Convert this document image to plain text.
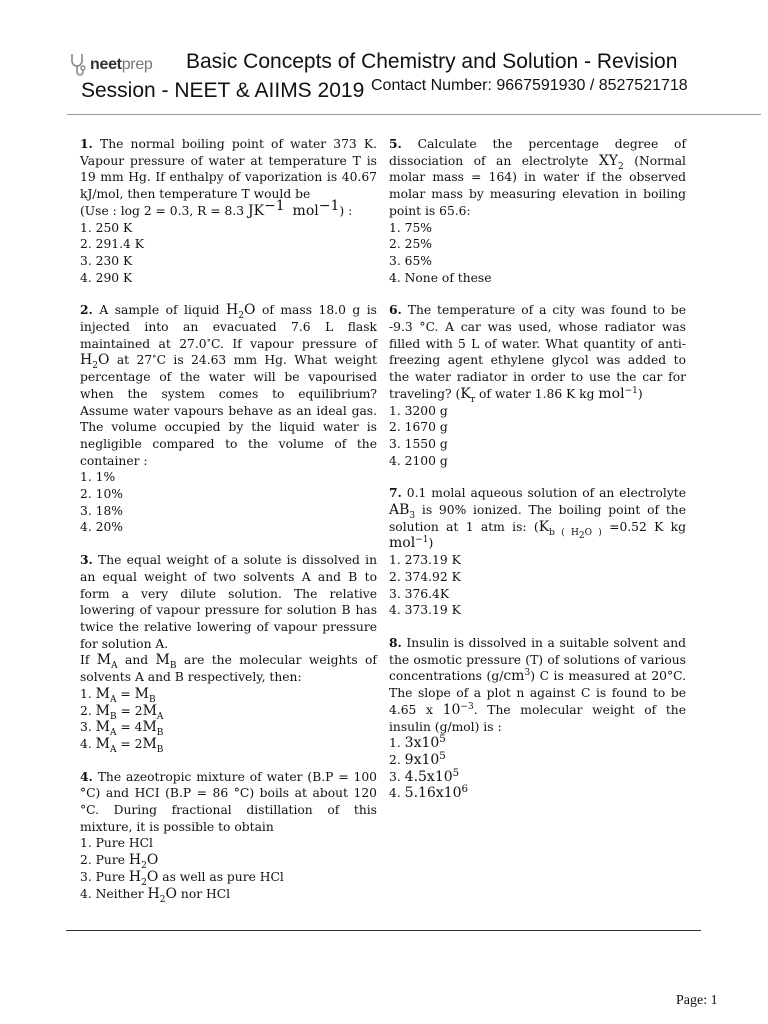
neetprep Basic Concepts of Chemistry and Solution - Revision
Session - NEET & AIIMS 2019 Contact Number: 9667591930 / 8527521718
1. The normal boiling point of water 373 K. Vapour pressure of water at temperature T is 19 mm Hg. If enthalpy of vaporization is 40.67 kJ/mol, then temperature T would be
(Use : log 2 = 0.3, R = 8.3 $JK^{-1}$ mol$^{-1}$) :
1. 250 K
2. 291.4 K
3. 230 K
4. 290 K
2. A sample of liquid $H_2O$ of mass 18.0 g is injected into an evacuated 7.6 L flask maintained at 27.0∘C. If vapour pressure of $H_2O$ at 27∘C is 24.63 mm Hg. What weight percentage of the water will be vapourised when the system comes to equilibrium? Assume water vapours behave as an ideal gas. The volume occupied by the liquid water is negligible compared to the volume of the container :
1. 1%
2. 10%
3. 18%
4. 20%
3. The equal weight of a solute is dissolved in an equal weight of two solvents A and B to form a very dilute solution. The relative lowering of vapour pressure for solution B has twice the relative lowering of vapour pressure for solution A.
If $M_A$ and $M_B$ are the molecular weights of solvents A and B respectively, then:
1. $M_A = M_B$
2. $M_B = 2M_A$
3. $M_A = 4M_B$
4. $M_A = 2M_B$
4. The azeotropic mixture of water (B.P = 100 °C) and HCI (B.P = 86 °C) boils at about 120 °C. During fractional distillation of this mixture, it is possible to obtain
1. Pure HCl
2. Pure $H_2O$
3. Pure $H_2O$ as well as pure HCl
4. Neither $H_2O$ nor HCl
5. Calculate the percentage degree of dissociation of an electrolyte $XY_2$ (Normal molar mass = 164) in water if the observed molar mass by measuring elevation in boiling point is 65.6:
1. 75%
2. 25%
3. 65%
4. None of these
6. The temperature of a city was found to be -9.3 °C. A car was used, whose radiator was filled with 5 L of water. What quantity of anti-freezing agent ethylene glycol was added to the water radiator in order to use the car for traveling? ($K_r$ of water 1.86 K kg mol$^{-1}$)
1. 3200 g
2. 1670 g
3. 1550 g
4. 2100 g
7. 0.1 molal aqueous solution of an electrolyte $AB_3$ is 90% ionized. The boiling point of the solution at 1 atm is: ($K_{b ( H_2O )} =0.52$ K kg mol$^{-1}$)
1. 273.19 K
2. 374.92 K
3. 376.4K
4. 373.19 K
8. Insulin is dissolved in a suitable solvent and the osmotic pressure (T) of solutions of various concentrations $(g/cm^3)$ C is measured at 20°C. The slope of a plot n against C is found to be 4.65 x $10^{-3}$. The molecular weight of the insulin (g/mol) is :
1. $3x10^5$
2. $9x10^5$
3. $4.5x10^5$
4. $5.16x10^6$
Page: 1
